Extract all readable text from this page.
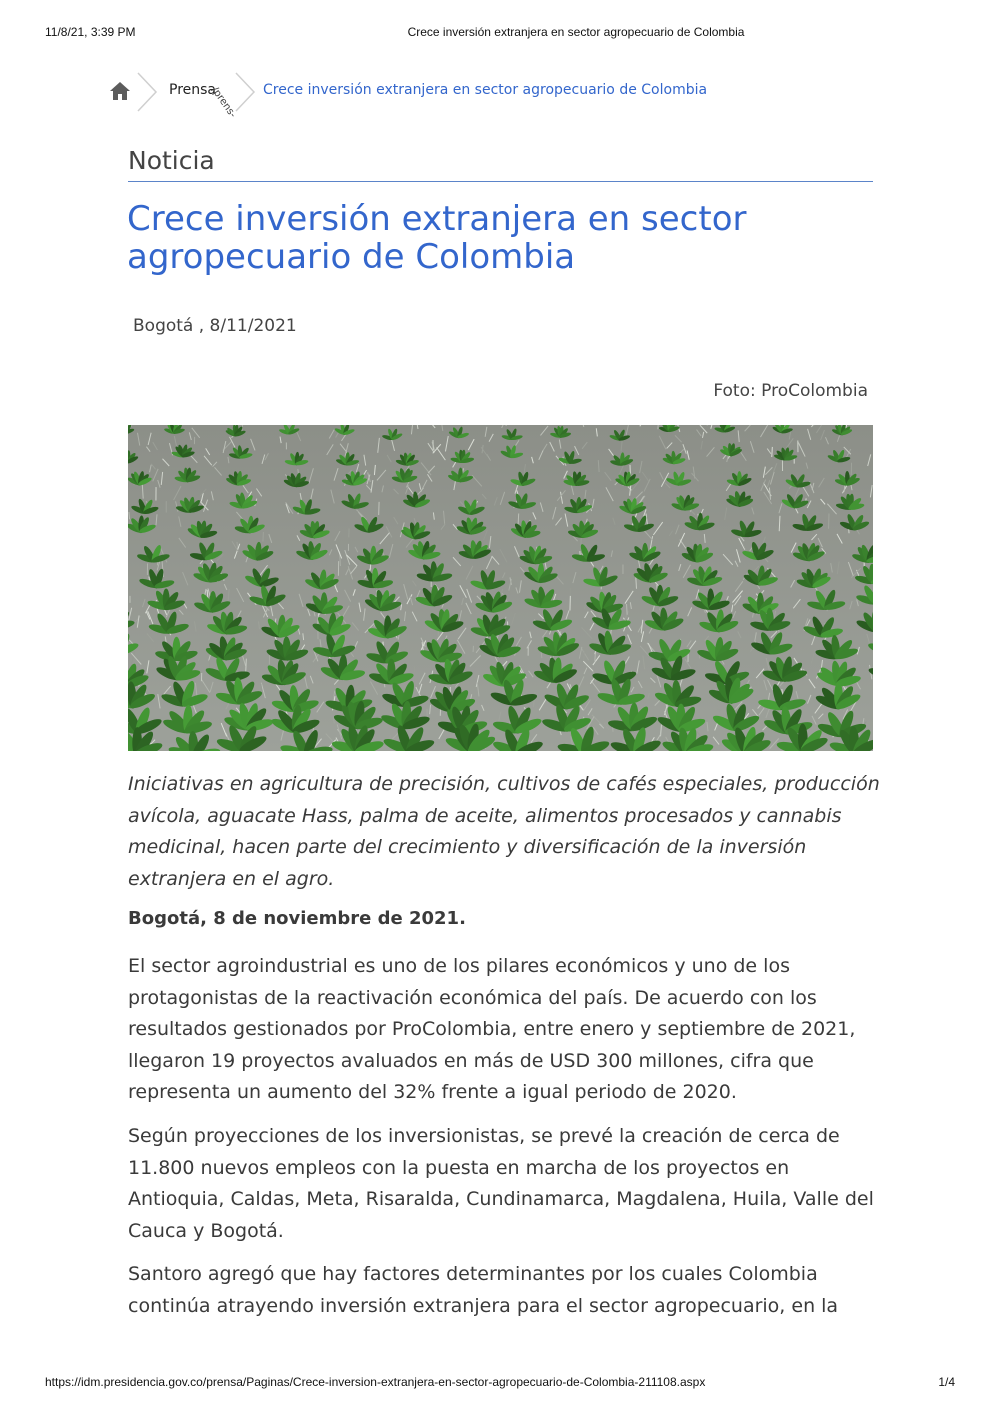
11/8/21, 3:39 PM	Crece inversión extranjera en sector agropecuario de Colombia
Prensa
/prens- Crece inversión extranjera en sector agropecuario de Colombia
Noticia
Crece inversión extranjera en sector agropecuario de Colombia
Bogotá , 8/11/2021
Foto: ProColombia

Iniciativas en agricultura de precisión, cultivos de cafés especiales, producción avícola, aguacate Hass, palma de aceite, alimentos procesados y cannabis medicinal, hacen parte del crecimiento y diversificación de la inversión extranjera en el agro.

Bogotá, 8 de noviembre de 2021.

El sector agroindustrial es uno de los pilares económicos y uno de los protagonistas de la reactivación económica del país. De acuerdo con los resultados gestionados por ProColombia, entre enero y septiembre de 2021, llegaron 19 proyectos avaluados en más de USD 300 millones, cifra que representa un aumento del 32% frente a igual periodo de 2020.

Según proyecciones de los inversionistas, se prevé la creación de cerca de 11.800 nuevos empleos con la puesta en marcha de los proyectos en Antioquia, Caldas, Meta, Risaralda, Cundinamarca, Magdalena, Huila, Valle del Cauca y Bogotá.

Santoro agregó que hay factores determinantes por los cuales Colombia continúa atrayendo inversión extranjera para el sector agropecuario, en la

https://idm.presidencia.gov.co/prensa/Paginas/Crece-inversion-extranjera-en-sector-agropecuario-de-Colombia-211108.aspx	1/4
